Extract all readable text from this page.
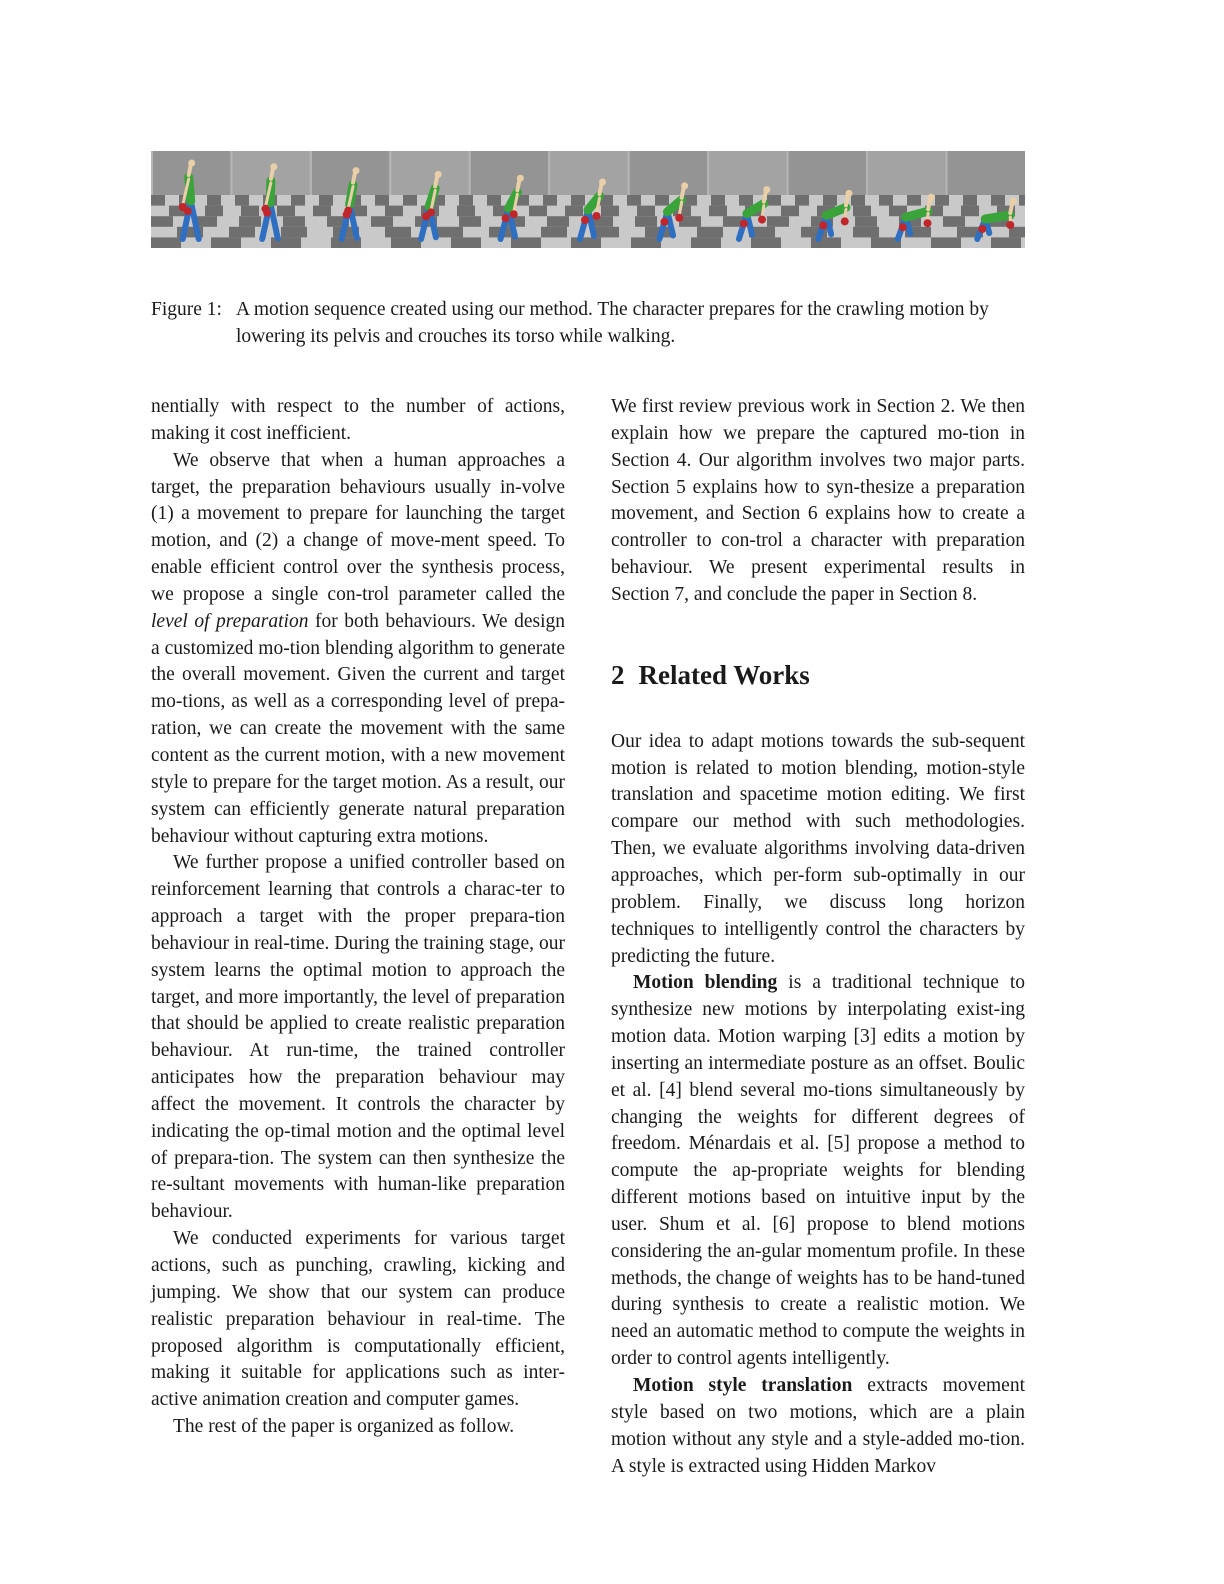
Figure 1: A motion sequence created using our method. The character prepares for the crawling motion by lowering its pelvis and crouches its torso while walking.

nentially with respect to the number of actions, making it cost inefficient.

We observe that when a human approaches a target, the preparation behaviours usually in-volve (1) a movement to prepare for launching the target motion, and (2) a change of move-ment speed. To enable efficient control over the synthesis process, we propose a single con-trol parameter called the level of preparation for both behaviours. We design a customized mo-tion blending algorithm to generate the overall movement. Given the current and target mo-tions, as well as a corresponding level of prepa-ration, we can create the movement with the same content as the current motion, with a new movement style to prepare for the target motion. As a result, our system can efficiently generate natural preparation behaviour without capturing extra motions.

We further propose a unified controller based on reinforcement learning that controls a charac-ter to approach a target with the proper prepara-tion behaviour in real-time. During the training stage, our system learns the optimal motion to approach the target, and more importantly, the level of preparation that should be applied to create realistic preparation behaviour. At run-time, the trained controller anticipates how the preparation behaviour may affect the movement. It controls the character by indicating the op-timal motion and the optimal level of prepara-tion. The system can then synthesize the re-sultant movements with human-like preparation behaviour.

We conducted experiments for various target actions, such as punching, crawling, kicking and jumping. We show that our system can produce realistic preparation behaviour in real-time. The proposed algorithm is computationally efficient, making it suitable for applications such as inter-active animation creation and computer games.

The rest of the paper is organized as follow.

We first review previous work in Section 2. We then explain how we prepare the captured mo-tion in Section 4. Our algorithm involves two major parts. Section 5 explains how to syn-thesize a preparation movement, and Section 6 explains how to create a controller to con-trol a character with preparation behaviour. We present experimental results in Section 7, and conclude the paper in Section 8.

2 Related Works

Our idea to adapt motions towards the sub-sequent motion is related to motion blending, motion-style translation and spacetime motion editing. We first compare our method with such methodologies. Then, we evaluate algorithms involving data-driven approaches, which per-form sub-optimally in our problem. Finally, we discuss long horizon techniques to intelligently control the characters by predicting the future.

Motion blending is a traditional technique to synthesize new motions by interpolating exist-ing motion data. Motion warping [3] edits a motion by inserting an intermediate posture as an offset. Boulic et al. [4] blend several mo-tions simultaneously by changing the weights for different degrees of freedom. Ménardais et al. [5] propose a method to compute the ap-propriate weights for blending different motions based on intuitive input by the user. Shum et al. [6] propose to blend motions considering the an-gular momentum profile. In these methods, the change of weights has to be hand-tuned during synthesis to create a realistic motion. We need an automatic method to compute the weights in order to control agents intelligently.

Motion style translation extracts movement style based on two motions, which are a plain motion without any style and a style-added mo-tion. A style is extracted using Hidden Markov
